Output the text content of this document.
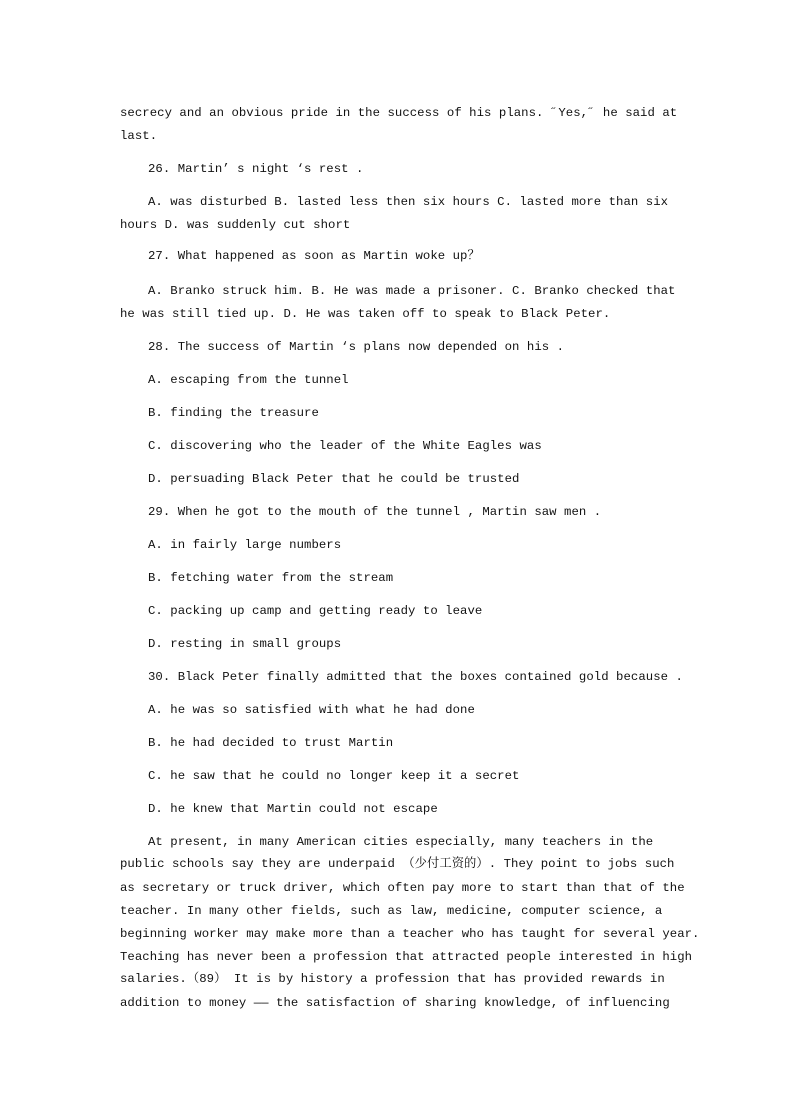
secrecy and an obvious pride in the success of his plans. ˝Yes,˝ he said at
last.
26. Martin’ s night ‘s rest .
A. was disturbed B. lasted less then six hours C. lasted more than six
hours D. was suddenly cut short
27. What happened as soon as Martin woke up？
A. Branko struck him. B. He was made a prisoner. C. Branko checked that
he was still tied up. D. He was taken off to speak to Black Peter.
28. The success of Martin ‘s plans now depended on his .
A. escaping from the tunnel
B. finding the treasure
C. discovering who the leader of the White Eagles was
D. persuading Black Peter that he could be trusted
29. When he got to the mouth of the tunnel , Martin saw men .
A. in fairly large numbers
B. fetching water from the stream
C. packing up camp and getting ready to leave
D. resting in small groups
30. Black Peter finally admitted that the boxes contained gold because .
A. he was so satisfied with what he had done
B. he had decided to trust Martin
C. he saw that he could no longer keep it a secret
D. he knew that Martin could not escape
At present, in many American cities especially, many teachers in the
public schools say they are underpaid （少付工资的）. They point to jobs such
as secretary or truck driver, which often pay more to start than that of the
teacher. In many other fields, such as law, medicine, computer science, a
beginning worker may make more than a teacher who has taught for several year.
Teaching has never been a profession that attracted people interested in high
salaries.（89） It is by history a profession that has provided rewards in
addition to money —— the satisfaction of sharing knowledge, of influencing
